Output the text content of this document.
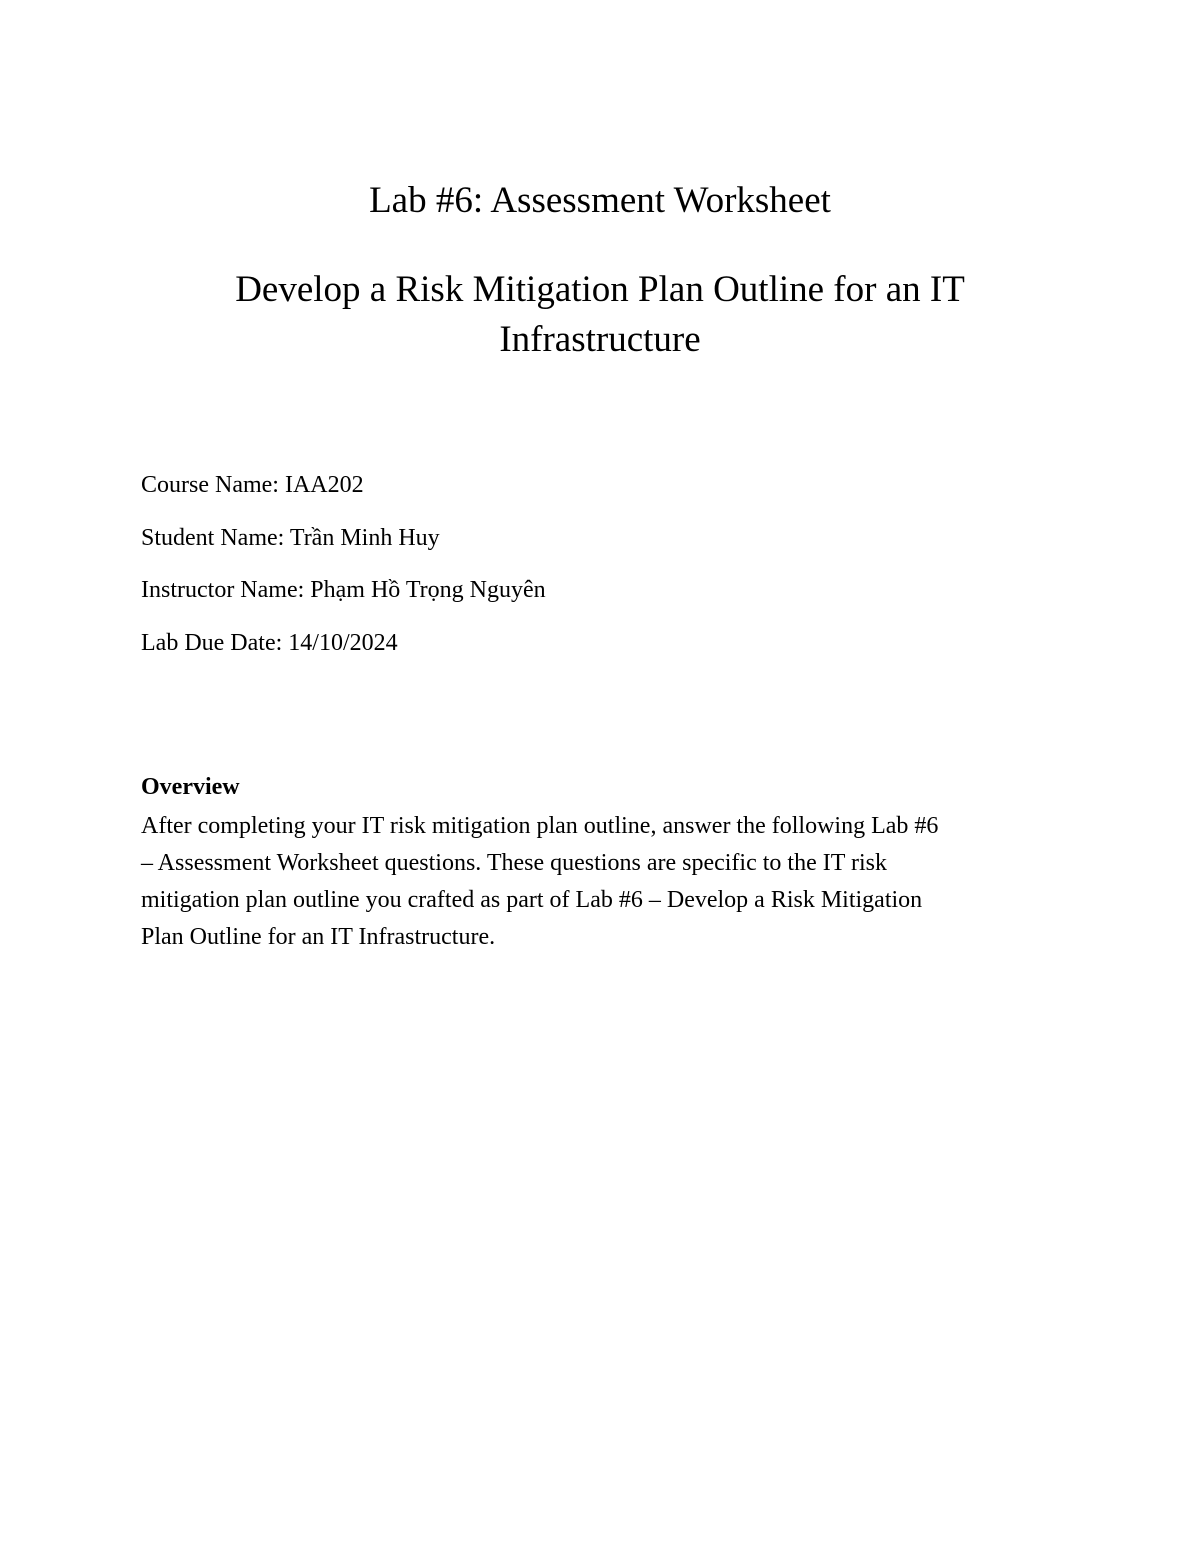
Lab #6: Assessment Worksheet
Develop a Risk Mitigation Plan Outline for an IT
Infrastructure
Course Name: IAA202
Student Name: Trần Minh Huy
Instructor Name: Phạm Hồ Trọng Nguyên
Lab Due Date: 14/10/2024
Overview
After completing your IT risk mitigation plan outline, answer the following Lab #6
– Assessment Worksheet questions. These questions are specific to the IT risk
mitigation plan outline you crafted as part of Lab #6 – Develop a Risk Mitigation
Plan Outline for an IT Infrastructure.
